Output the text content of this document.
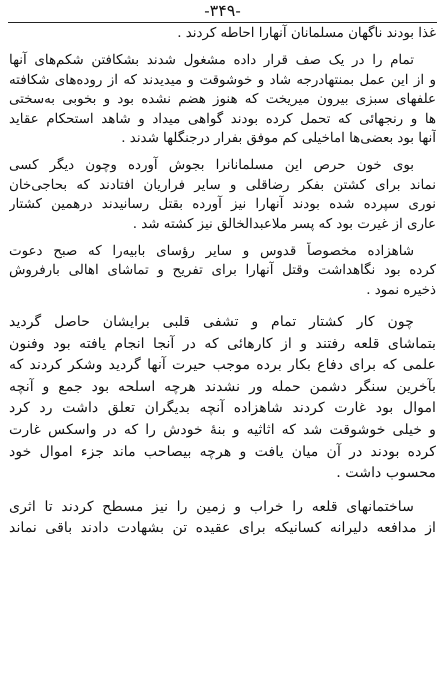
-۳۴۹-
غذا بودند ناگهان مسلمانان آنهارا احاطه کردند .
تمام را در یک صف قرار داده مشغول شدند بشکافتن شکم‌های آنها
و از این عمل بمنتهادرجه شاد و خوشوقت و میدیدند که از روده‌های شکافته
علفهای سبزی بیرون میریخت که هنوز هضم نشده بود و بخوبی به‌سختی
ها و رنجهائی که تحمل کرده بودند گواهی میداد و شاهد استحکام عقاید
آنها بود بعضی‌ها اماخیلی کم موفق بفرار درجنگلها شدند .
بوی خون حرص این مسلمانانرا بجوش آورده وچون دیگر کسی
نماند برای کشتن بفکر رضاقلی و سایر فراریان افتادند که بحاجی‌خان
نوری سپرده شده بودند آنهارا نیز آورده بقتل رسانیدند درهمین کشتار
عاری از غیرت بود که پسر ملاعبدالخالق نیز کشته شد .
شاهزاده مخصوصاً قدوس و سایر رؤسای بابیه‌را که صبح دعوت
کرده بود نگاهداشت وقتل آنهارا برای تفریح و تماشای اهالی بارفروش
ذخیره نمود .
چون کار کشتار تمام و تشفی قلبی برایشان حاصل گردید
بتماشای قلعه رفتند و از کارهائی که در آنجا انجام یافته بود وفنون
علمی که برای دفاع بکار برده موجب حیرت آنها گردید وشکر کردند که
بآخرین سنگر دشمن حمله ور نشدند هرچه اسلحه بود جمع و آنچه
اموال بود غارت کردند شاهزاده آنچه بدیگران تعلق داشت رد کرد
و خیلی خوشوقت شد که اثاثیه و بنهٔ خودش را که در واسکس غارت
کرده بودند در آن میان یافت و هرچه بیصاحب ماند جزء اموال خود
محسوب داشت .
ساختمانهای قلعه را خراب و زمین را نیز مسطح کردند تا اثری
از مدافعه دلیرانه کسانیکه برای عقیده تن بشهادت دادند باقی نماند
